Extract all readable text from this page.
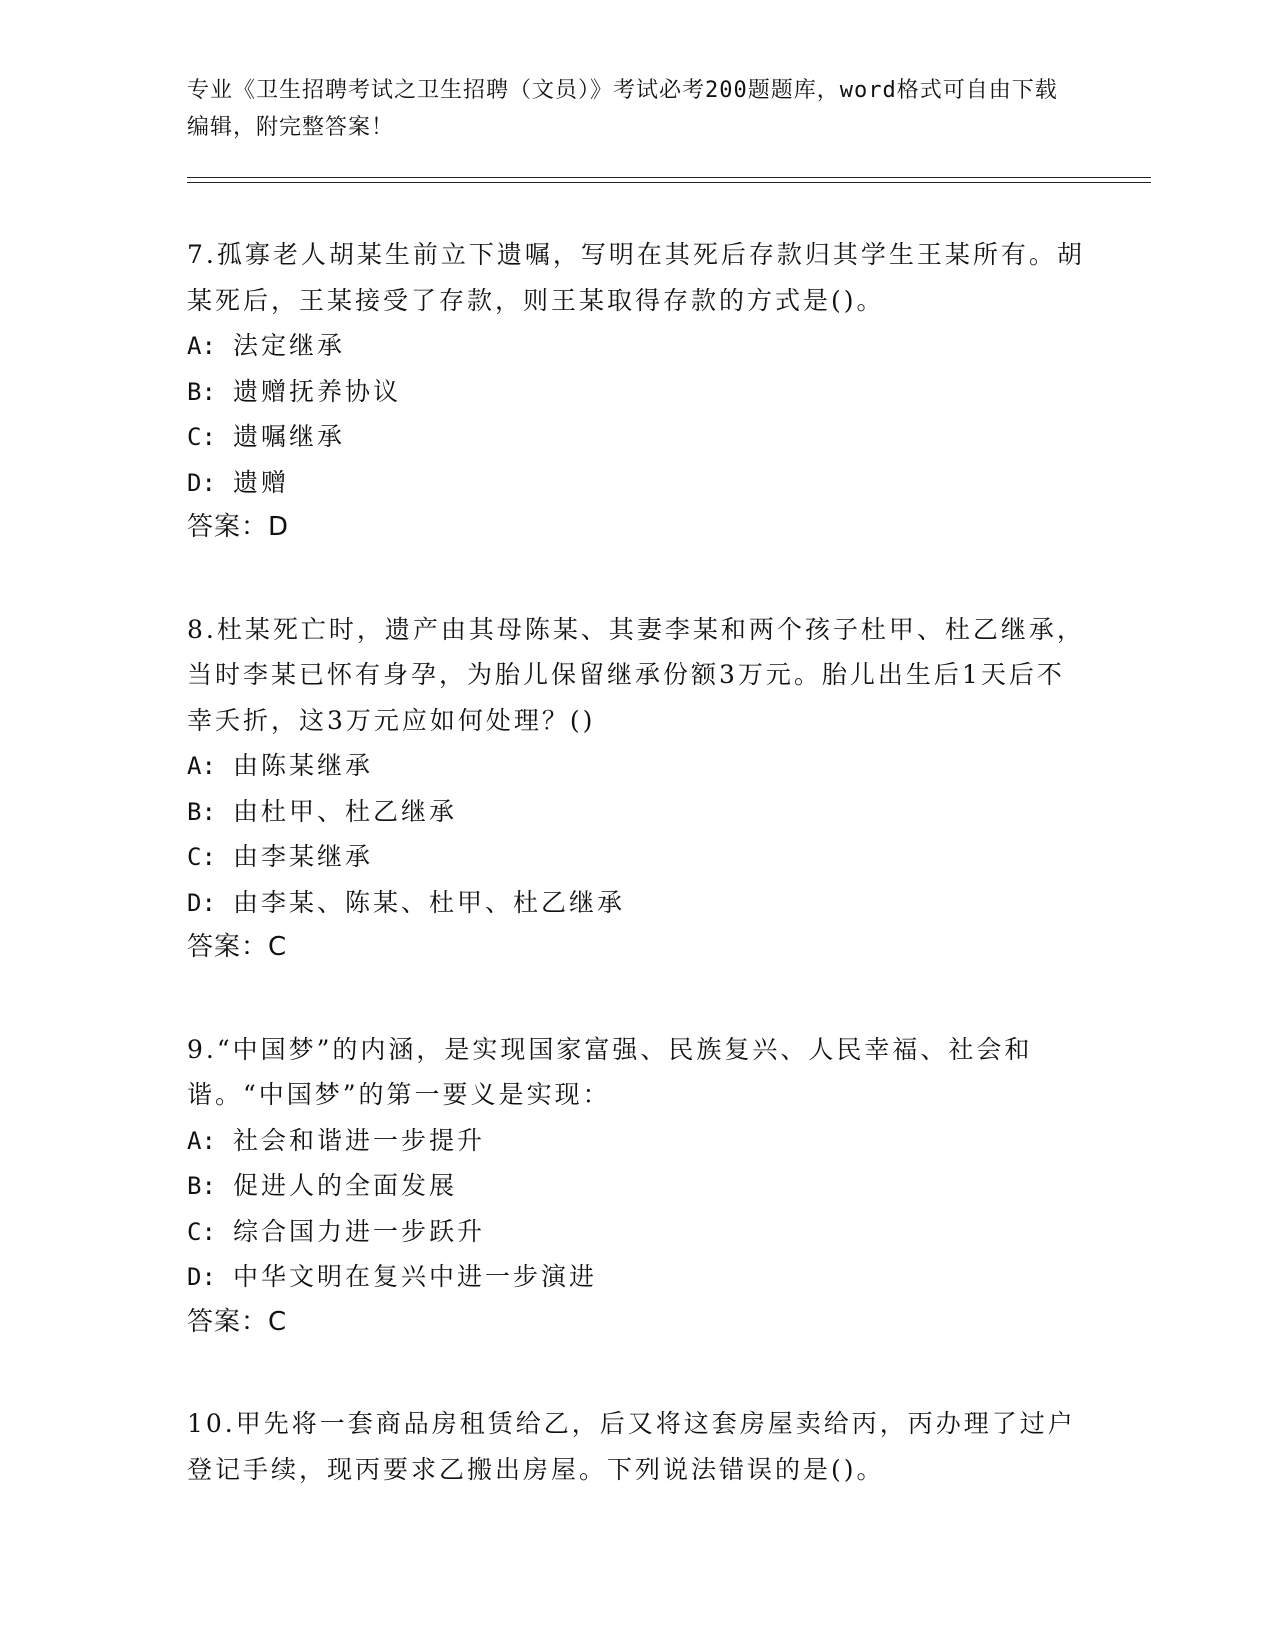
专业《卫生招聘考试之卫生招聘（文员）》考试必考200题题库，word格式可自由下载编辑，附完整答案！

7.孤寡老人胡某生前立下遗嘱，写明在其死后存款归其学生王某所有。胡某死后，王某接受了存款，则王某取得存款的方式是()。

A: 法定继承
B: 遗赠抚养协议
C: 遗嘱继承
D: 遗赠
答案：D

8.杜某死亡时，遗产由其母陈某、其妻李某和两个孩子杜甲、杜乙继承，当时李某已怀有身孕，为胎儿保留继承份额3万元。胎儿出生后1天后不幸夭折，这3万元应如何处理？()

A: 由陈某继承
B: 由杜甲、杜乙继承
C: 由李某继承
D: 由李某、陈某、杜甲、杜乙继承
答案：C

9.“中国梦”的内涵，是实现国家富强、民族复兴、人民幸福、社会和谐。“中国梦”的第一要义是实现：

A: 社会和谐进一步提升
B: 促进人的全面发展
C: 综合国力进一步跃升
D: 中华文明在复兴中进一步演进
答案：C

10.甲先将一套商品房租赁给乙，后又将这套房屋卖给丙，丙办理了过户登记手续，现丙要求乙搬出房屋。下列说法错误的是()。
